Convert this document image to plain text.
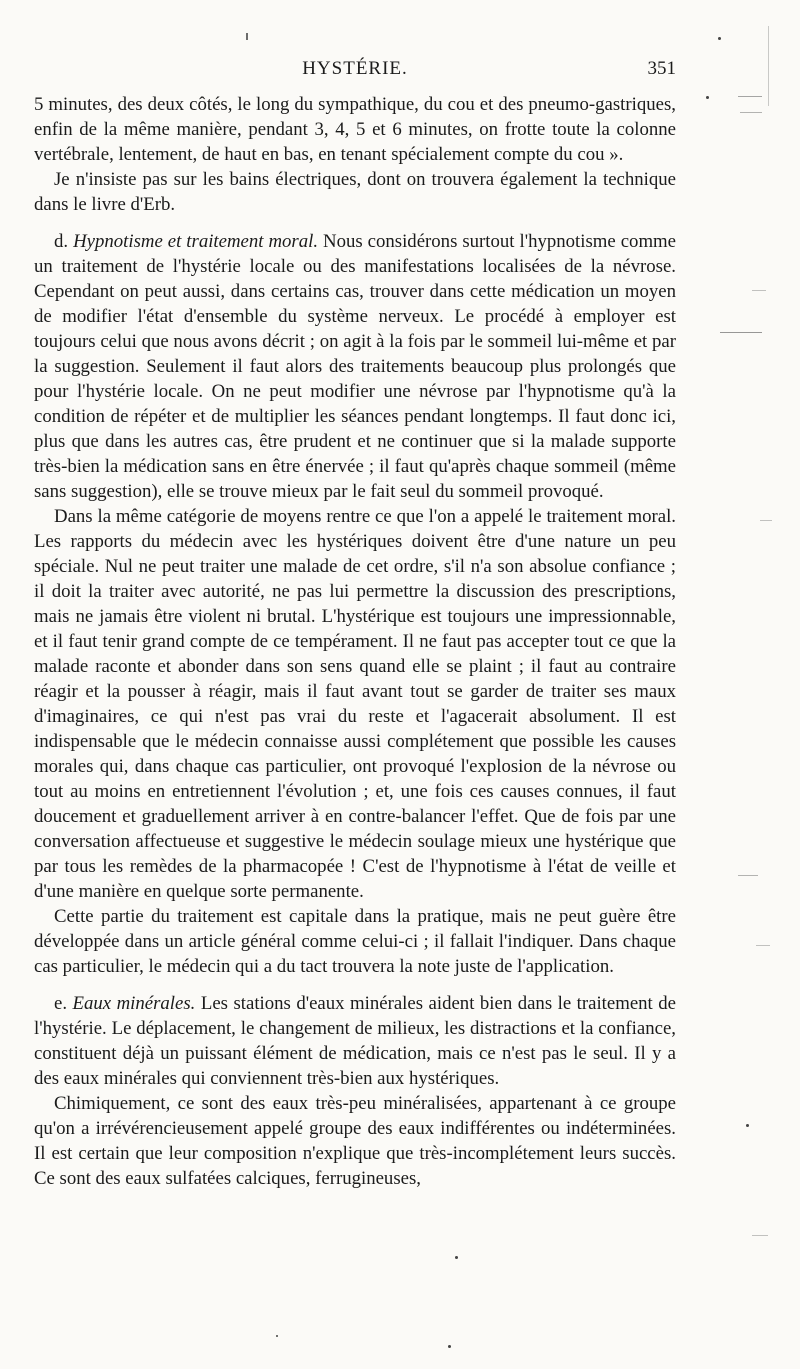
HYSTÉRIE.	351

5 minutes, des deux côtés, le long du sympathique, du cou et des pneumo-gastriques, enfin de la même manière, pendant 3, 4, 5 et 6 minutes, on frotte toute la colonne vertébrale, lentement, de haut en bas, en tenant spécialement compte du cou ».

Je n'insiste pas sur les bains électriques, dont on trouvera également la technique dans le livre d'Erb.

d. Hypnotisme et traitement moral. Nous considérons surtout l'hypnotisme comme un traitement de l'hystérie locale ou des manifestations localisées de la névrose. Cependant on peut aussi, dans certains cas, trouver dans cette médication un moyen de modifier l'état d'ensemble du système nerveux. Le procédé à employer est toujours celui que nous avons décrit ; on agit à la fois par le sommeil lui-même et par la suggestion. Seulement il faut alors des traitements beaucoup plus prolongés que pour l'hystérie locale. On ne peut modifier une névrose par l'hypnotisme qu'à la condition de répéter et de multiplier les séances pendant longtemps. Il faut donc ici, plus que dans les autres cas, être prudent et ne continuer que si la malade supporte très-bien la médication sans en être énervée ; il faut qu'après chaque sommeil (même sans suggestion), elle se trouve mieux par le fait seul du sommeil provoqué.

Dans la même catégorie de moyens rentre ce que l'on a appelé le traitement moral. Les rapports du médecin avec les hystériques doivent être d'une nature un peu spéciale. Nul ne peut traiter une malade de cet ordre, s'il n'a son absolue confiance ; il doit la traiter avec autorité, ne pas lui permettre la discussion des prescriptions, mais ne jamais être violent ni brutal. L'hystérique est toujours une impressionnable, et il faut tenir grand compte de ce tempérament. Il ne faut pas accepter tout ce que la malade raconte et abonder dans son sens quand elle se plaint ; il faut au contraire réagir et la pousser à réagir, mais il faut avant tout se garder de traiter ses maux d'imaginaires, ce qui n'est pas vrai du reste et l'agacerait absolument. Il est indispensable que le médecin connaisse aussi complétement que possible les causes morales qui, dans chaque cas particulier, ont provoqué l'explosion de la névrose ou tout au moins en entretiennent l'évolution ; et, une fois ces causes connues, il faut doucement et graduellement arriver à en contre-balancer l'effet. Que de fois par une conversation affectueuse et suggestive le médecin soulage mieux une hystérique que par tous les remèdes de la pharmacopée ! C'est de l'hypnotisme à l'état de veille et d'une manière en quelque sorte permanente.

Cette partie du traitement est capitale dans la pratique, mais ne peut guère être développée dans un article général comme celui-ci ; il fallait l'indiquer. Dans chaque cas particulier, le médecin qui a du tact trouvera la note juste de l'application.

e. Eaux minérales. Les stations d'eaux minérales aident bien dans le traitement de l'hystérie. Le déplacement, le changement de milieux, les distractions et la confiance, constituent déjà un puissant élément de médication, mais ce n'est pas le seul. Il y a des eaux minérales qui conviennent très-bien aux hystériques.

Chimiquement, ce sont des eaux très-peu minéralisées, appartenant à ce groupe qu'on a irrévérencieusement appelé groupe des eaux indifférentes ou indéterminées. Il est certain que leur composition n'explique que très-incomplétement leurs succès. Ce sont des eaux sulfatées calciques, ferrugineuses,
